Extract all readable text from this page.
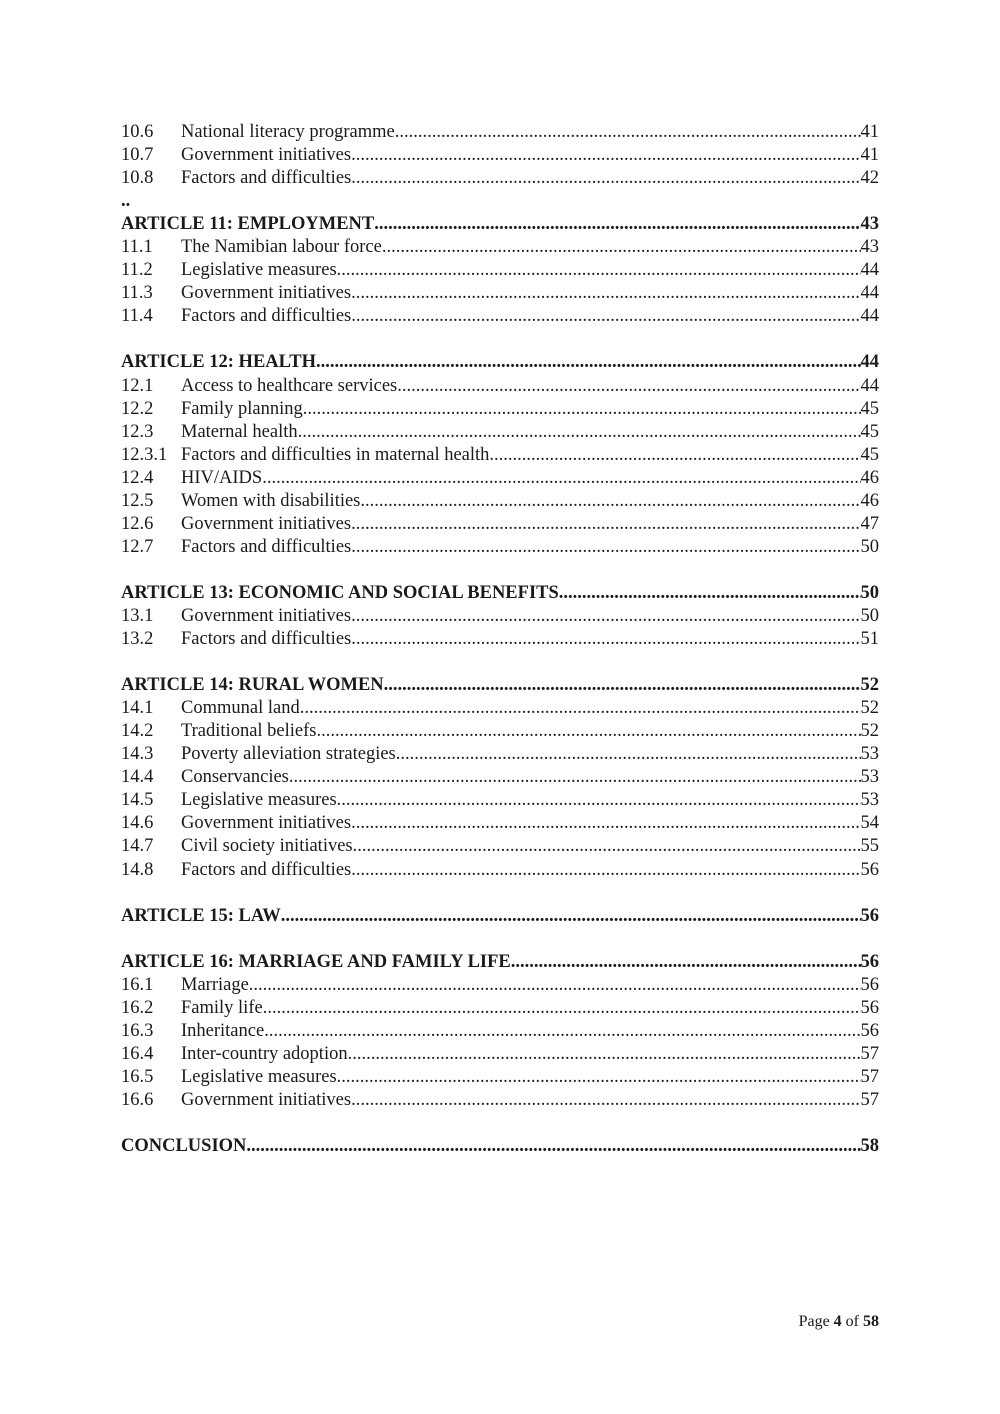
10.6	National literacy programme .....	41
10.7	Government initiatives .....	41
10.8	Factors and difficulties .....	42
..
ARTICLE 11: EMPLOYMENT .....	43
11.1	The Namibian labour force .....	43
11.2	Legislative measures .....	44
11.3	Government initiatives .....	44
11.4	Factors and difficulties .....	44
ARTICLE 12: HEALTH .....	44
12.1	Access to healthcare services .....	44
12.2	Family planning .....	45
12.3	Maternal health .....	45
12.3.1 Factors and difficulties in maternal health .....	45
12.4	HIV/AIDS .....	46
12.5	Women with disabilities .....	46
12.6	Government initiatives .....	47
12.7	Factors and difficulties .....	50
ARTICLE 13: ECONOMIC AND SOCIAL BENEFITS .....	50
13.1	Government initiatives .....	50
13.2	Factors and difficulties .....	51
ARTICLE 14: RURAL WOMEN .....	52
14.1	Communal land .....	52
14.2	Traditional beliefs .....	52
14.3	Poverty alleviation strategies .....	53
14.4	Conservancies .....	53
14.5	Legislative measures .....	53
14.6	Government initiatives .....	54
14.7	Civil society initiatives .....	55
14.8	Factors and difficulties .....	56
ARTICLE 15: LAW .....	56
ARTICLE 16: MARRIAGE AND FAMILY LIFE .....	56
16.1	Marriage .....	56
16.2	Family life .....	56
16.3	Inheritance .....	56
16.4	Inter-country adoption .....	57
16.5	Legislative measures .....	57
16.6	Government initiatives .....	57
CONCLUSION .....	58
Page 4 of 58
